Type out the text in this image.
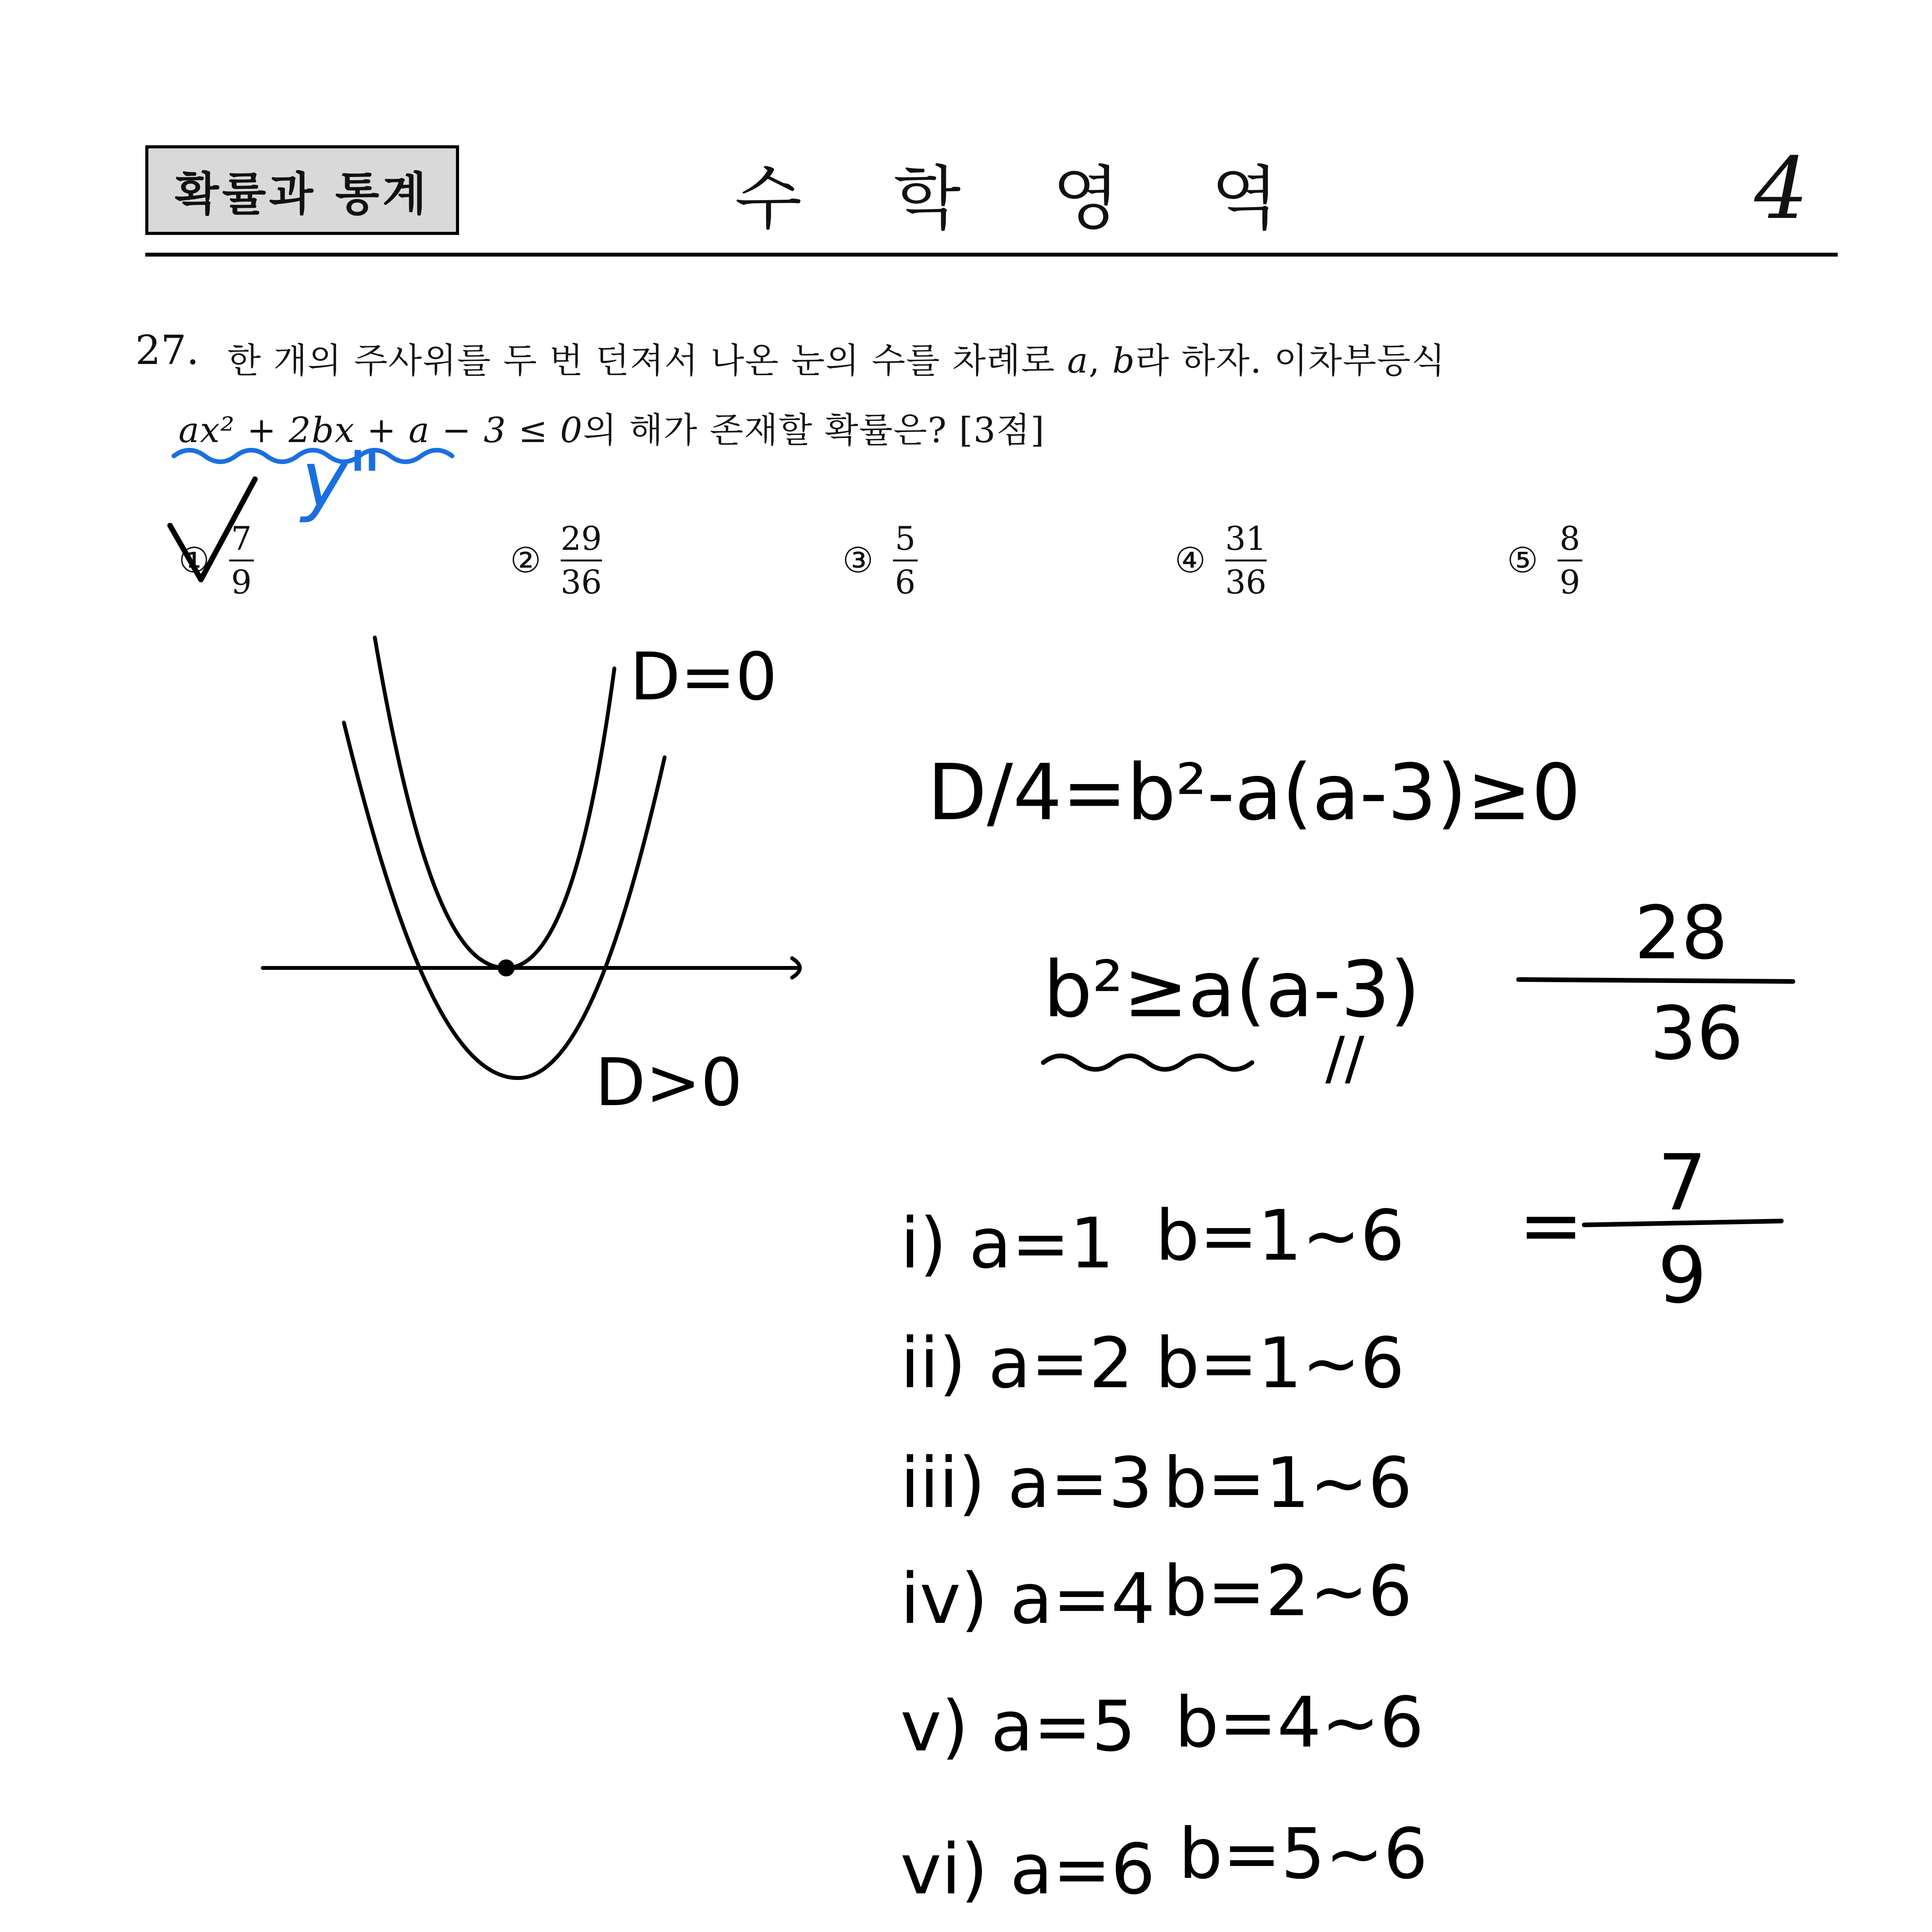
확률과 통계	수 학 영 역	4
27. 한 개의 주사위를 두 번 던져서 나온 눈의 수를 차례로 a, b라 하자. 이차부등식
ax² + 2bx + a − 3 ≤ 0의 해가 존재할 확률은? [3점]
①
7
9
②
29
36
③
5
6
④
31
36
⑤
8
9
y"
D=0
D>0
D/4=b²-a(a-3)≥0
b²≥a(a-3)
//
28
36
= 7
9
i) a=1 b=1~6
ii) a=2 b=1~6
iii) a=3 b=1~6
iv) a=4 b=2~6
v) a=5 b=4~6
vi) a=6 b=5~6
